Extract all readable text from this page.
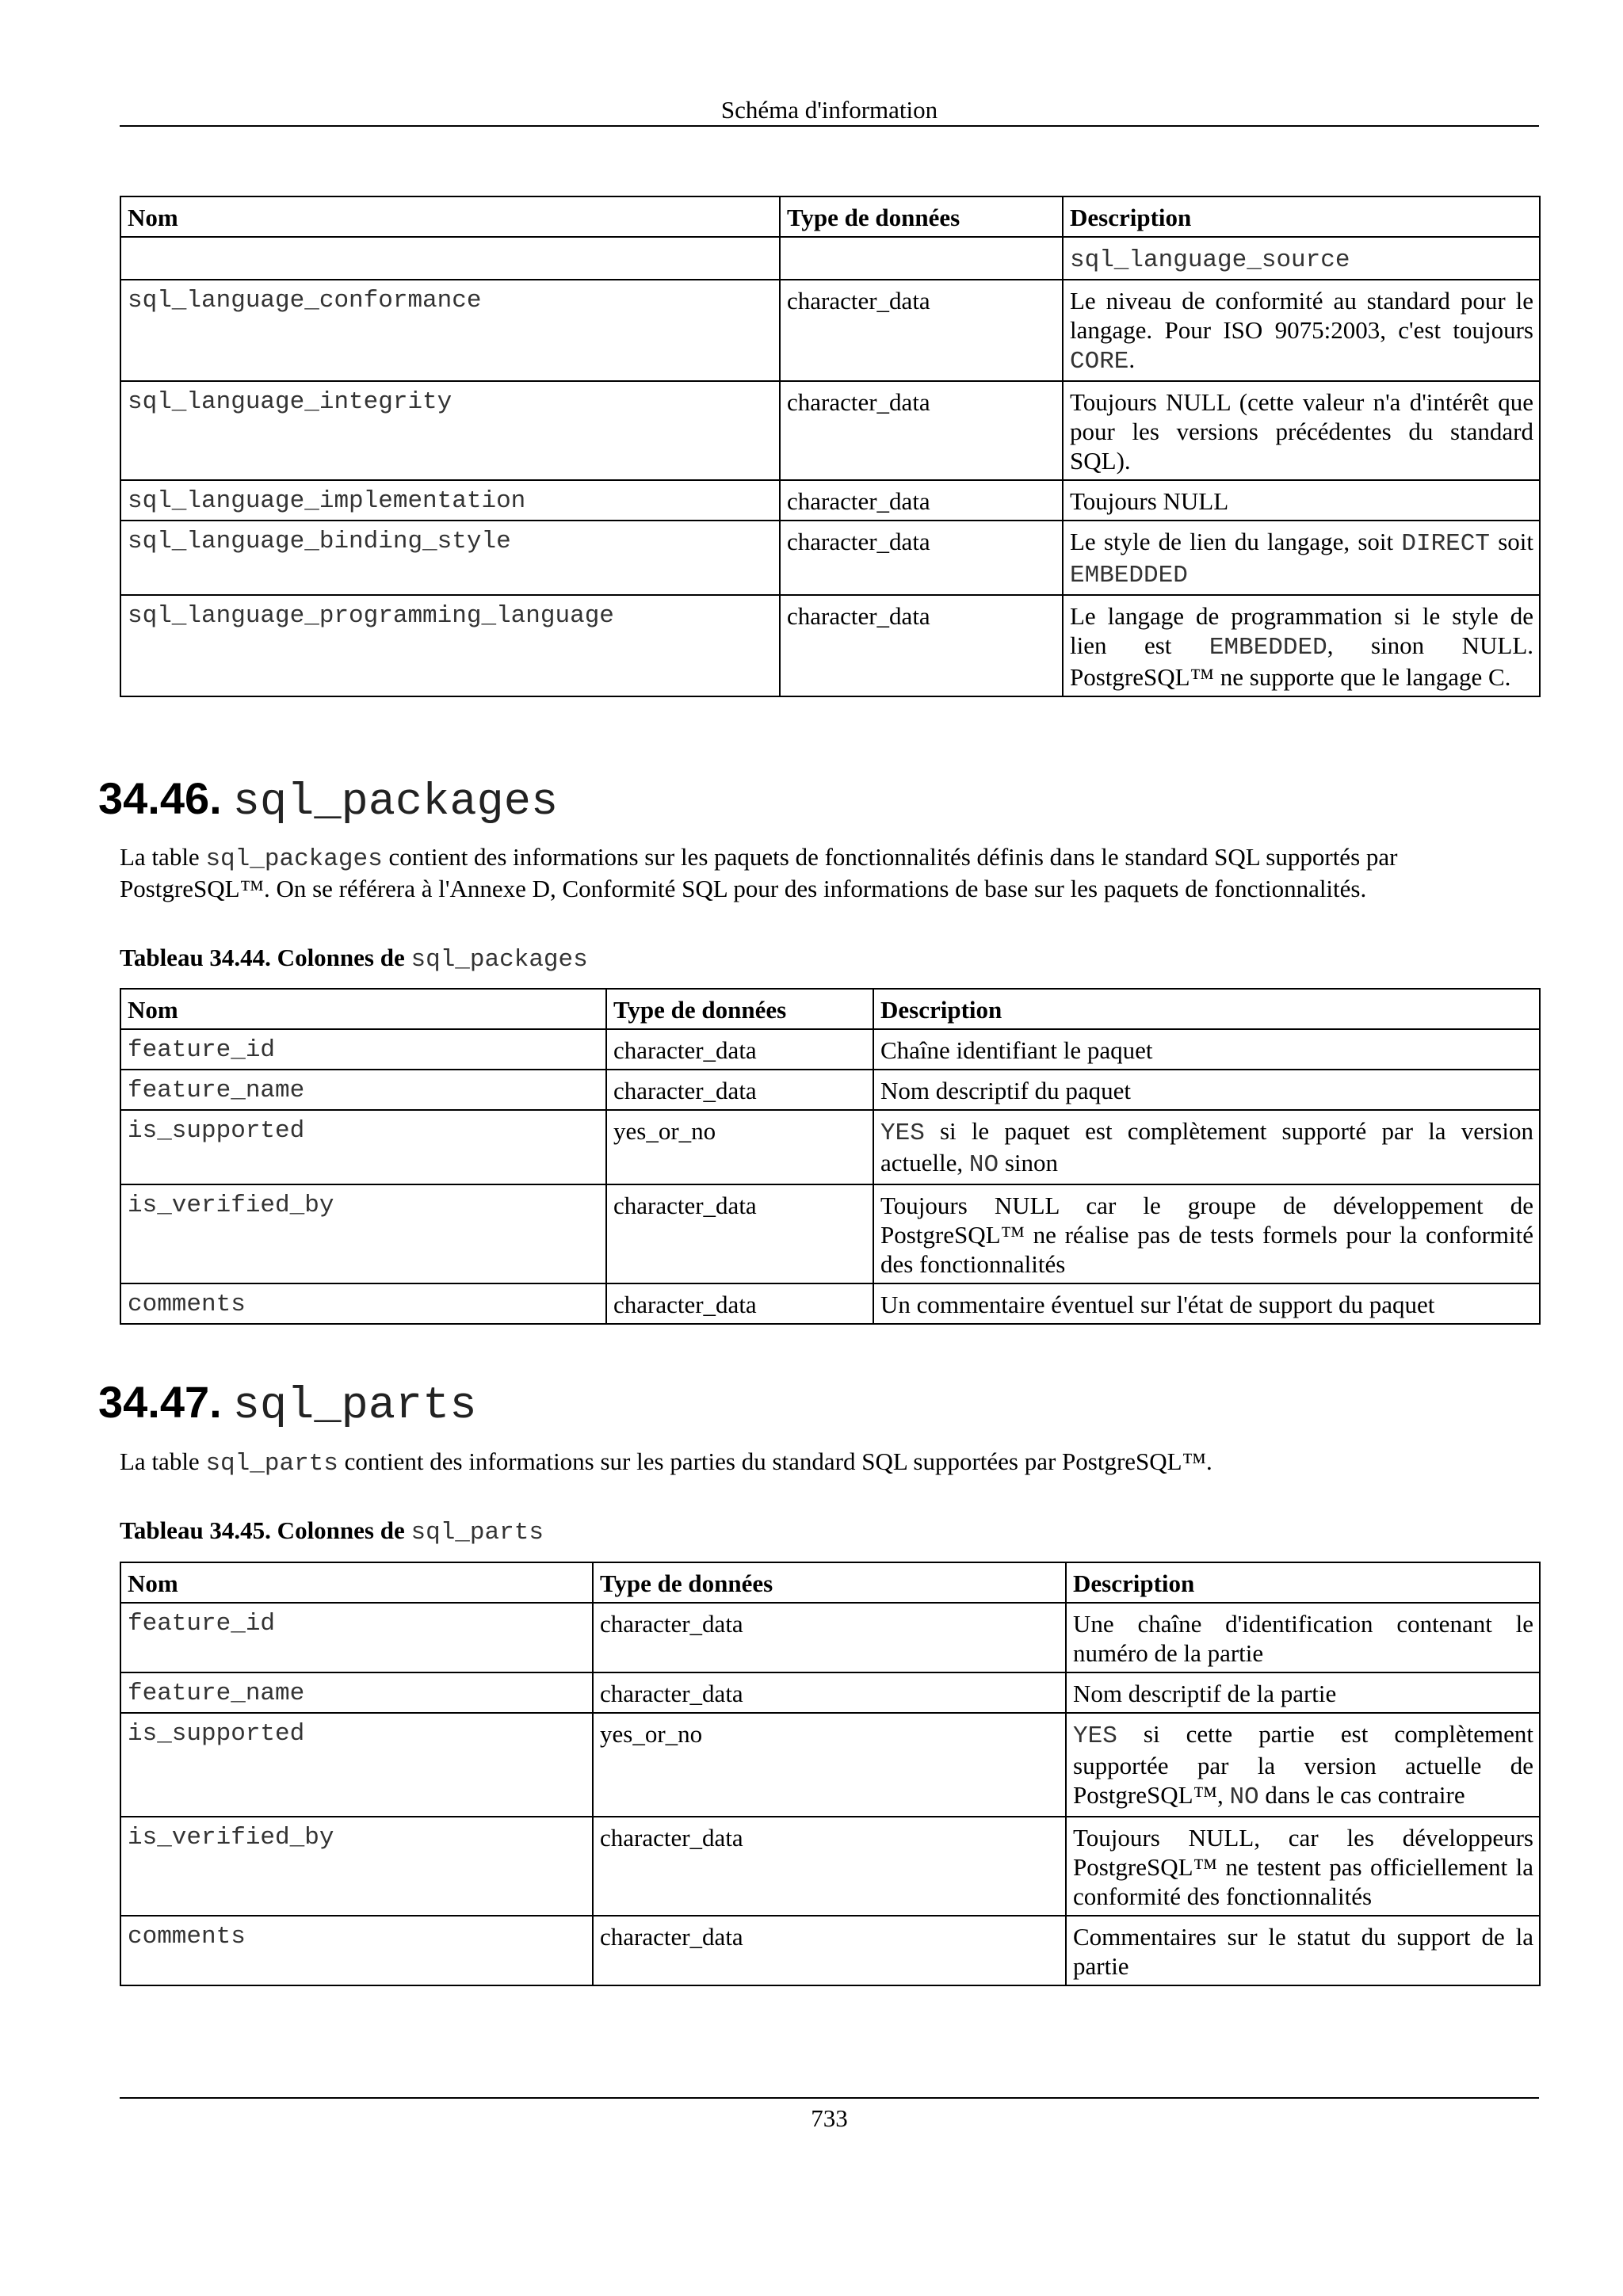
Schéma d'information
Nom	Type de données	Description
		sql_language_source
sql_language_conformance	character_data	Le niveau de conformité au standard pour le langage. Pour ISO 9075:2003, c'est toujours CORE.
sql_language_integrity	character_data	Toujours NULL (cette valeur n'a d'intérêt que pour les versions précédentes du standard SQL).
sql_language_implementation	character_data	Toujours NULL
sql_language_binding_style	character_data	Le style de lien du langage, soit DIRECT soit EMBEDDED
sql_language_programming_language	character_data	Le langage de programmation si le style de lien est EMBEDDED, sinon NULL. PostgreSQL™ ne supporte que le langage C.
34.46. sql_packages

La table sql_packages contient des informations sur les paquets de fonctionnalités définis dans le standard SQL supportés par PostgreSQL™. On se référera à l'Annexe D, Conformité SQL pour des informations de base sur les paquets de fonctionnalités.

Tableau 34.44. Colonnes de sql_packages

Nom	Type de données	Description
feature_id	character_data	Chaîne identifiant le paquet
feature_name	character_data	Nom descriptif du paquet
is_supported	yes_or_no	YES si le paquet est complètement supporté par la version actuelle, NO sinon
is_verified_by	character_data	Toujours NULL car le groupe de développement de PostgreSQL™ ne réalise pas de tests formels pour la conformité des fonctionnalités
comments	character_data	Un commentaire éventuel sur l'état de support du paquet
34.47. sql_parts

La table sql_parts contient des informations sur les parties du standard SQL supportées par PostgreSQL™.

Tableau 34.45. Colonnes de sql_parts

Nom	Type de données	Description
feature_id	character_data	Une chaîne d'identification contenant le numéro de la partie
feature_name	character_data	Nom descriptif de la partie
is_supported	yes_or_no	YES si cette partie est complètement supportée par la version actuelle de PostgreSQL™, NO dans le cas contraire
is_verified_by	character_data	Toujours NULL, car les développeurs PostgreSQL™ ne testent pas officiellement la conformité des fonctionnalités
comments	character_data	Commentaires sur le statut du support de la partie
733
